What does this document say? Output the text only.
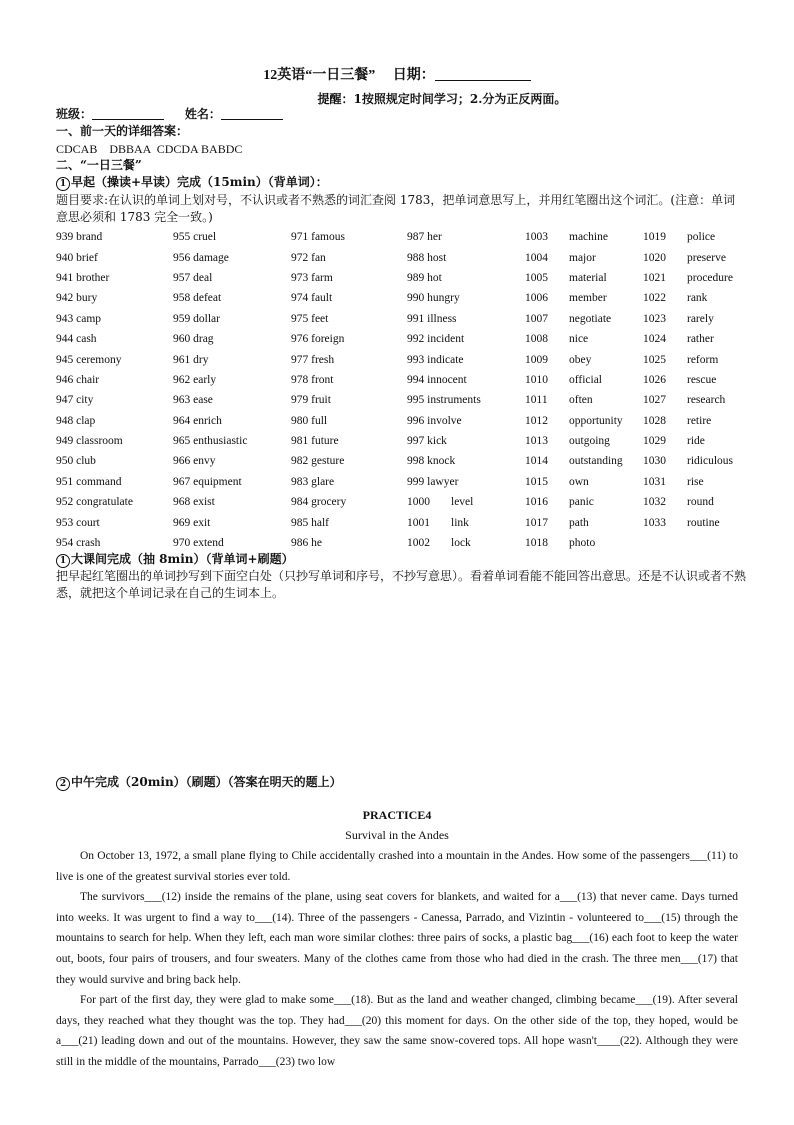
12英语“一日三餐” 日期：
提醒：1按照规定时间学习；2.分为正反两面。
班级：	姓名：
一、前一天的详细答案：
CDCAB    DBBAA  CDCDA BABDC
二、“一日三餐”
1 早起（操读+早读）完成（15min）（背单词）：
题目要求:在认识的单词上划对号，不认识或者不熟悉的词汇查阅 1783，把单词意思写上，并用红笔圈出这个词汇。(注意：单词意思必须和 1783 完全一致。)
939 brand	955 cruel	971 famous	987 her	1003 machine	1019 police
940 brief	956 damage	972 fan	988 host	1004 major	1020 preserve
941 brother	957 deal	973 farm	989 hot	1005 material	1021 procedure
942 bury	958 defeat	974 fault	990 hungry	1006 member	1022 rank
943 camp	959 dollar	975 feet	991 illness	1007 negotiate	1023 rarely
944 cash	960 drag	976 foreign	992 incident	1008 nice	1024 rather
945 ceremony	961 dry	977 fresh	993 indicate	1009 obey	1025 reform
946 chair	962 early	978 front	994 innocent	1010 official	1026 rescue
947 city	963 ease	979 fruit	995 instruments	1011 often	1027 research
948 clap	964 enrich	980 full	996 involve	1012 opportunity	1028 retire
949 classroom	965 enthusiastic	981 future	997 kick	1013 outgoing	1029 ride
950 club	966 envy	982 gesture	998 knock	1014 outstanding	1030 ridiculous
951 command	967 equipment	983 glare	999 lawyer	1015 own	1031 rise
952 congratulate	968 exist	984 grocery	1000 level	1016 panic	1032 round
953 court	969 exit	985 half	1001 link	1017 path	1033 routine
954 crash	970 extend	986 he	1002 lock	1018 photo	
1 大课间完成（抽 8min）（背单词+刷题）
把早起红笔圈出的单词抄写到下面空白处（只抄写单词和序号，不抄写意思）。看着单词看能不能回答出意思。还是不认识或者不熟悉，就把这个单词记录在自己的生词本上。
2 中午完成（20min）（刷题）（答案在明天的题上）
PRACTICE4
Survival in the Andes

On October 13, 1972, a small plane flying to Chile accidentally crashed into a mountain in the Andes. How some of the passengers___(11) to live is one of the greatest survival stories ever told.

The survivors___(12) inside the remains of the plane, using seat covers for blankets, and waited for a___(13) that never came. Days turned into weeks. It was urgent to find a way to___(14). Three of the passengers - Canessa, Parrado, and Vizintin - volunteered to___(15) through the mountains to search for help. When they left, each man wore similar clothes: three pairs of socks, a plastic bag___(16) each foot to keep the water out, boots, four pairs of trousers, and four sweaters. Many of the clothes came from those who had died in the crash. The three men___(17) that they would survive and bring back help.

For part of the first day, they were glad to make some___(18). But as the land and weather changed, climbing became___(19). After several days, they reached what they thought was the top. They had___(20) this moment for days. On the other side of the top, they hoped, would be a___(21) leading down and out of the mountains. However, they saw the same snow-covered tops. All hope wasn't____(22). Although they were still in the middle of the mountains, Parrado___(23) two low
